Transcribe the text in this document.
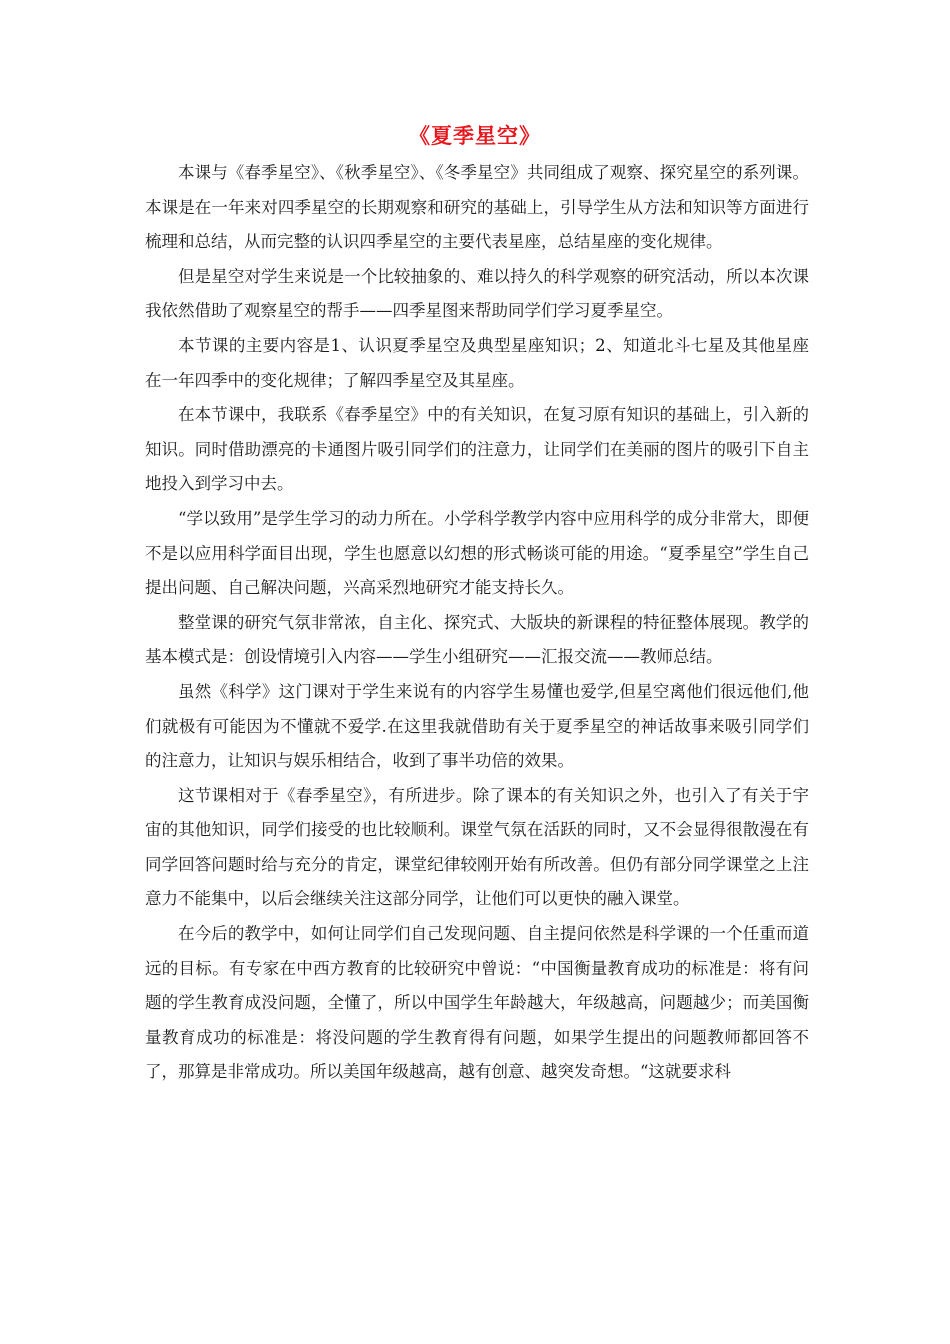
《夏季星空》

本课与《春季星空》、《秋季星空》、《冬季星空》共同组成了观察、探究星空的系列课。本课是在一年来对四季星空的长期观察和研究的基础上，引导学生从方法和知识等方面进行梳理和总结，从而完整的认识四季星空的主要代表星座，总结星座的变化规律。

但是星空对学生来说是一个比较抽象的、难以持久的科学观察的研究活动，所以本次课我依然借助了观察星空的帮手——四季星图来帮助同学们学习夏季星空。

本节课的主要内容是1、认识夏季星空及典型星座知识；2、知道北斗七星及其他星座在一年四季中的变化规律；了解四季星空及其星座。

在本节课中，我联系《春季星空》中的有关知识，在复习原有知识的基础上，引入新的知识。同时借助漂亮的卡通图片吸引同学们的注意力，让同学们在美丽的图片的吸引下自主地投入到学习中去。

“学以致用”是学生学习的动力所在。小学科学教学内容中应用科学的成分非常大，即便不是以应用科学面目出现，学生也愿意以幻想的形式畅谈可能的用途。“夏季星空”学生自己提出问题、自己解决问题，兴高采烈地研究才能支持长久。

整堂课的研究气氛非常浓，自主化、探究式、大版块的新课程的特征整体展现。教学的基本模式是：创设情境引入内容——学生小组研究——汇报交流——教师总结。

虽然《科学》这门课对于学生来说有的内容学生易懂也爱学,但星空离他们很远他们,他们就极有可能因为不懂就不爱学.在这里我就借助有关于夏季星空的神话故事来吸引同学们的注意力，让知识与娱乐相结合，收到了事半功倍的效果。

这节课相对于《春季星空》，有所进步。除了课本的有关知识之外，也引入了有关于宇宙的其他知识，同学们接受的也比较顺利。课堂气氛在活跃的同时，又不会显得很散漫在有同学回答问题时给与充分的肯定，课堂纪律较刚开始有所改善。但仍有部分同学课堂之上注意力不能集中，以后会继续关注这部分同学，让他们可以更快的融入课堂。

在今后的教学中，如何让同学们自己发现问题、自主提问依然是科学课的一个任重而道远的目标。有专家在中西方教育的比较研究中曾说：“中国衡量教育成功的标准是：将有问题的学生教育成没问题，全懂了，所以中国学生年龄越大，年级越高，问题越少；而美国衡量教育成功的标准是：将没问题的学生教育得有问题，如果学生提出的问题教师都回答不了，那算是非常成功。所以美国年级越高，越有创意、越突发奇想。“这就要求科
